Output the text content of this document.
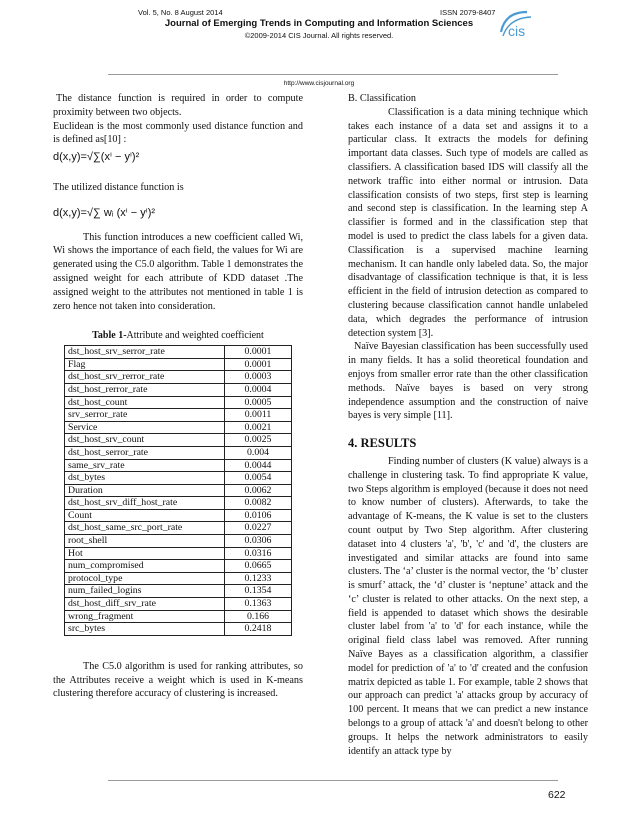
Vol. 5, No. 8 August 2014	ISSN 2079-8407
Journal of Emerging Trends in Computing and Information Sciences
©2009-2014 CIS Journal. All rights reserved.	cis
http://www.cisjournal.org

The distance function is required in order to compute proximity between two objects.

Euclidean is the most commonly used distance function and is defined as[10] :

d(x,y)=√∑(xⁱ − yⁱ)²

The utilized distance function is

d(x,y)=√∑ wᵢ (xⁱ − yⁱ)²

This function introduces a new coefficient called Wi, Wi shows the importance of each field, the values for Wi are generated using the C5.0 algorithm. Table 1 demonstrates the assigned weight for each attribute of KDD dataset .The assigned weight to the attributes not mentioned in table 1 is zero hence not taken into consideration.

Table 1-Attribute and weighted coefficient
dst_host_srv_serror_rate	0.0001
Flag	0.0001
dst_host_srv_rerror_rate	0.0003
dst_host_rerror_rate	0.0004
dst_host_count	0.0005
srv_serror_rate	0.0011
Service	0.0021
dst_host_srv_count	0.0025
dst_host_serror_rate	0.004
same_srv_rate	0.0044
dst_bytes	0.0054
Duration	0.0062
dst_host_srv_diff_host_rate	0.0082
Count	0.0106
dst_host_same_src_port_rate	0.0227
root_shell	0.0306
Hot	0.0316
num_compromised	0.0665
protocol_type	0.1233
num_failed_logins	0.1354
dst_host_diff_srv_rate	0.1363
wrong_fragment	0.166
src_bytes	0.2418

The C5.0 algorithm is used for ranking attributes, so the Attributes receive a weight which is used in K-means clustering therefore accuracy of clustering is increased.

B. Classification

Classification is a data mining technique which takes each instance of a data set and assigns it to a particular class. It extracts the models for defining important data classes. Such type of models are called as classifiers. A classification based IDS will classify all the network traffic into either normal or intrusion. Data classification consists of two steps, first step is learning and second step is classification. In the learning step A classifier is formed and in the classification step that model is used to predict the class labels for a given data. Classification is a supervised machine learning mechanism. It can handle only labeled data. So, the major disadvantage of classification technique is that, it is less efficient in the field of intrusion detection as compared to clustering because classification cannot handle unlabeled data, which degrades the performance of intrusion detection system [3].

Naïve Bayesian classification has been successfully used in many fields. It has a solid theoretical foundation and enjoys from smaller error rate than the other classification methods. Naïve bayes is based on very strong independence assumption and the construction of naive bayes is very simple [11].

4. RESULTS

Finding number of clusters (K value) always is a challenge in clustering task. To find appropriate K value, two Steps algorithm is employed (because it does not need to know number of clusters). Afterwards, to take the advantage of K-means, the K value is set to the clusters count output by Two Step algorithm. After clustering dataset into 4 clusters 'a', 'b', 'c' and 'd', the clusters are investigated and similar attacks are found into same clusters. The ‘a’ cluster is the normal vector, the ‘b’ cluster is smurf’ attack, the ‘d’ cluster is ‘neptune’ attack and the ‘c’ cluster is related to other attacks. On the next step, a field is appended to dataset which shows the desirable cluster label from 'a' to 'd' for each instance, while the original field class label was removed. After running Naïve Bayes as a classification algorithm, a classifier model for prediction of 'a' to 'd' created and the confusion matrix depicted as table 1. For example, table 2 shows that our approach can predict 'a' attacks group by accuracy of 100 percent. It means that we can predict a new instance belongs to a group of attack 'a' and doesn't belong to other groups. It helps the network administrators to easily identify an attack type by

622
